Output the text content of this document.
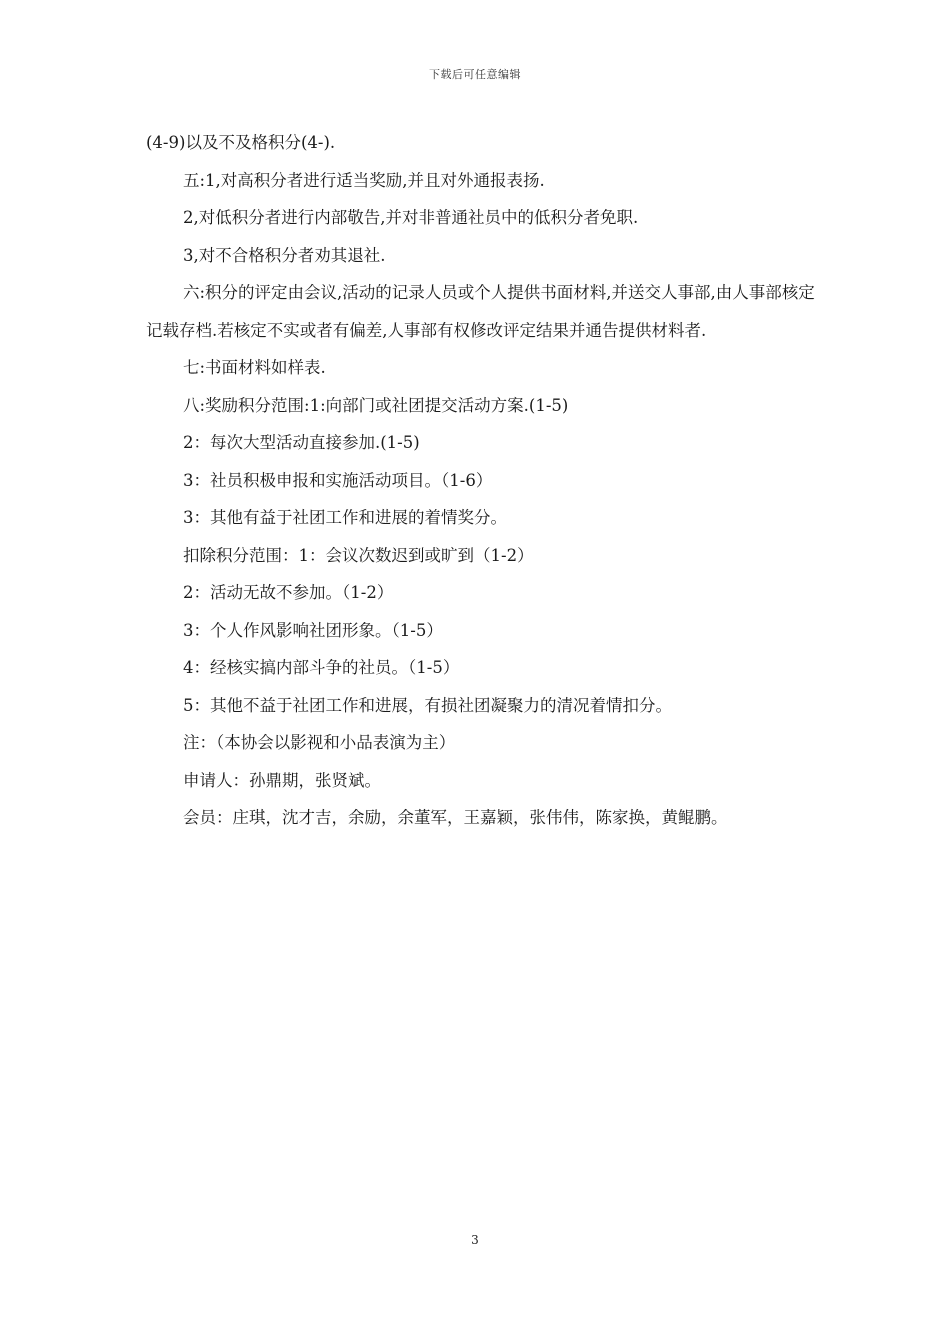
下载后可任意编辑

(4-9)以及不及格积分(4-).

五:1,对高积分者进行适当奖励,并且对外通报表扬.

2,对低积分者进行内部敬告,并对非普通社员中的低积分者免职.

3,对不合格积分者劝其退社.

六:积分的评定由会议,活动的记录人员或个人提供书面材料,并送交人事部,由人事部核定记载存档.若核定不实或者有偏差,人事部有权修改评定结果并通告提供材料者.

七:书面材料如样表.

八:奖励积分范围:1:向部门或社团提交活动方案.(1-5)

2：每次大型活动直接参加.(1-5)

3：社员积极申报和实施活动项目。（1-6）

3：其他有益于社团工作和进展的着情奖分。

扣除积分范围：1：会议次数迟到或旷到（1-2）

2：活动无故不参加。（1-2）

3：个人作风影响社团形象。（1-5）

4：经核实搞内部斗争的社员。（1-5）

5：其他不益于社团工作和进展，有损社团凝聚力的清况着情扣分。

注：（本协会以影视和小品表演为主）

申请人：孙鼎期，张贤斌。

会员：庄琪，沈才吉，余励，余董军，王嘉颖，张伟伟，陈家换，黄鲲鹏。

3
